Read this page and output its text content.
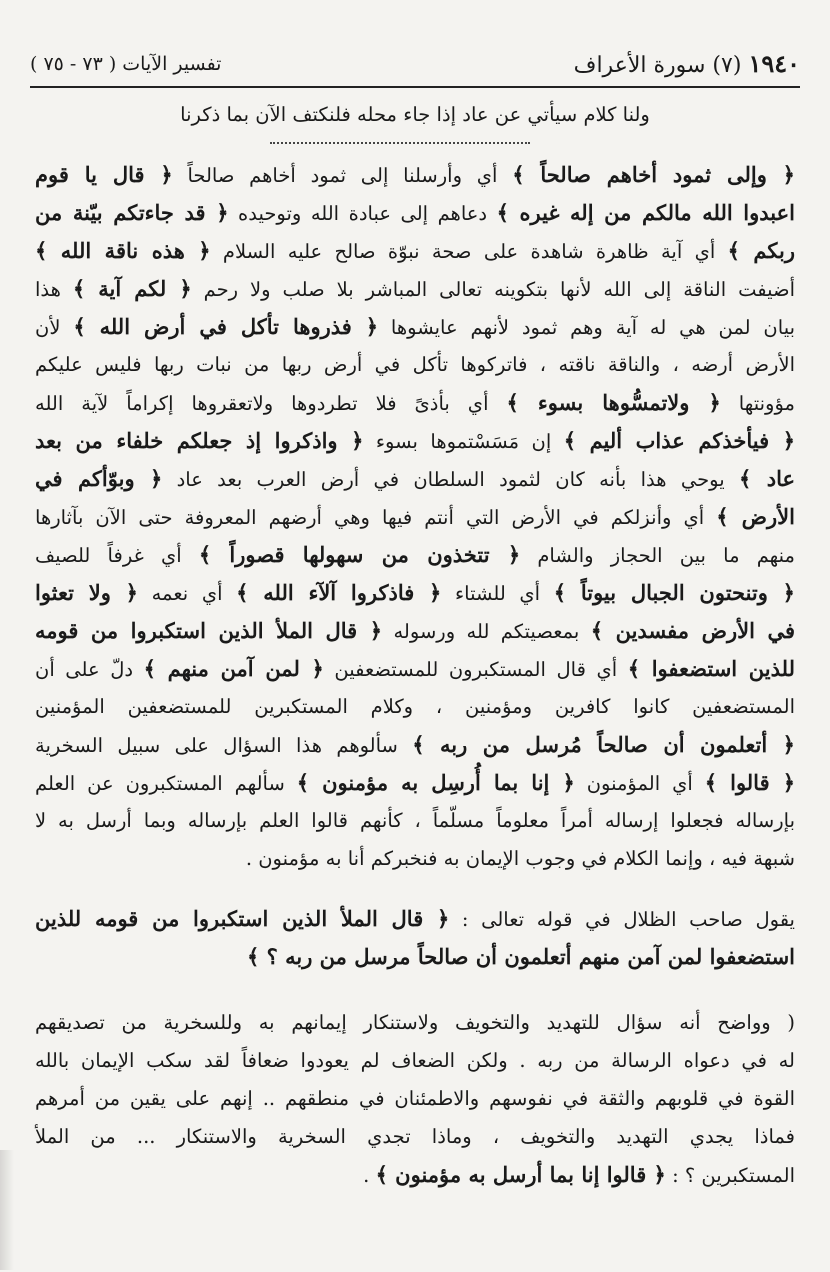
١٩٤٠ (٧) سورة الأعراف
تفسير الآيات ( ٧٣ - ٧٥ )
ولنا كلام سيأتي عن عاد إذا جاء محله فلنكتف الآن بما ذكرنا
﴿ وإلى ثمود أخاهم صالحاً ﴾ أي وأرسلنا إلى ثمود أخاهم صالحاً ﴿ قال يا قوم
اعبدوا الله مالكم من إله غيره ﴾ دعاهم إلى عبادة الله وتوحيده ﴿ قد جاءتكم بيّنة من
ربكم ﴾ أي آية ظاهرة شاهدة على صحة نبوّة صالح عليه السلام ﴿ هذه ناقة الله ﴾
أضيفت الناقة إلى الله لأنها بتكوينه تعالى المباشر بلا صلب ولا رحم ﴿ لكم آية ﴾ هذا
بيان لمن هي له آية وهم ثمود لأنهم عايشوها ﴿ فذروها تأكل في أرض الله ﴾ لأن
الأرض أرضه ، والناقة ناقته ، فاتركوها تأكل في أرض ربها من نبات ربها فليس عليكم
مؤونتها ﴿ ولاتمسُّوها بسوء ﴾ أي بأذىً فلا تطردوها ولاتعقروها إكراماً لآية الله
﴿ فيأخذكم عذاب أليم ﴾ إن مَسَسْتموها بسوء ﴿ واذكروا إذ جعلكم خلفاء من بعد
عاد ﴾ يوحي هذا بأنه كان لثمود السلطان في أرض العرب بعد عاد ﴿ وبوّأكم في
الأرض ﴾ أي وأنزلكم في الأرض التي أنتم فيها وهي أرضهم المعروفة حتى الآن بآثارها
منهم ما بين الحجاز والشام ﴿ تتخذون من سهولها قصوراً ﴾ أي غرفاً للصيف
﴿ وتنحتون الجبال بيوتاً ﴾ أي للشتاء ﴿ فاذكروا آلآء الله ﴾ أي نعمه ﴿ ولا تعثوا
في الأرض مفسدين ﴾ بمعصيتكم لله ورسوله ﴿ قال الملأ الذين استكبروا من قومه
للذين استضعفوا ﴾ أي قال المستكبرون للمستضعفين ﴿ لمن آمن منهم ﴾ دلّ على أن
المستضعفين كانوا كافرين ومؤمنين ، وكلام المستكبرين للمستضعفين المؤمنين
﴿ أتعلمون أن صالحاً مُرسل من ربه ﴾ سألوهم هذا السؤال على سبيل السخرية
﴿ قالوا ﴾ أي المؤمنون ﴿ إنا بما أُرسِل به مؤمنون ﴾ سألهم المستكبرون عن العلم
بإرساله فجعلوا إرساله أمراً معلوماً مسلّماً ، كأنهم قالوا العلم بإرساله وبما أرسل به لا
شبهة فيه ، وإنما الكلام في وجوب الإيمان به فنخبركم أنا به مؤمنون .
يقول صاحب الظلال في قوله تعالى : ﴿ قال الملأ الذين استكبروا من قومه للذين
استضعفوا لمن آمن منهم أتعلمون أن صالحاً مرسل من ربه ؟ ﴾
( وواضح أنه سؤال للتهديد والتخويف ولاستنكار إيمانهم به وللسخرية من تصديقهم
له في دعواه الرسالة من ربه . ولكن الضعاف لم يعودوا ضعافاً لقد سكب الإيمان بالله
القوة في قلوبهم والثقة في نفوسهم والاطمئنان في منطقهم .. إنهم على يقين من أمرهم
فماذا يجدي التهديد والتخويف ، وماذا تجدي السخرية والاستنكار ... من الملأ
المستكبرين ؟ : ﴿ قالوا إنا بما أرسل به مؤمنون ﴾ .
